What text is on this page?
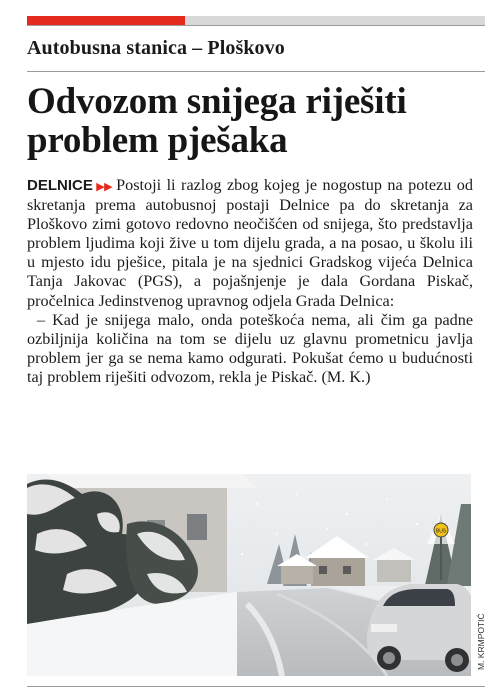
Autobusna stanica – Ploškovo
Odvozom snijega riješiti problem pješaka

DELNICE ▶▶ Postoji li razlog zbog kojeg je nogostup na potezu od skretanja prema autobusnoj postaji Delnice pa do skretanja za Ploškovo zimi gotovo redovno neočišćen od snijega, što predstavlja problem ljudima koji žive u tom dijelu grada, a na posao, u školu ili u mjesto idu pješice, pitala je na sjednici Gradskog vijeća Delnica Tanja Jakovac (PGS), a pojašnjenje je dala Gordana Piskač, pročelnica Jedinstvenog upravnog odjela Grada Delnica:

– Kad je snijega malo, onda poteškoća nema, ali čim ga padne ozbiljnija količina na tom se dijelu uz glavnu prometnicu javlja problem jer ga se nema kamo odgurati. Pokušat ćemo u budućnosti taj problem riješiti odvozom, rekla je Piskač. (M. K.)

BUS
M. KRMPOTIĆ
